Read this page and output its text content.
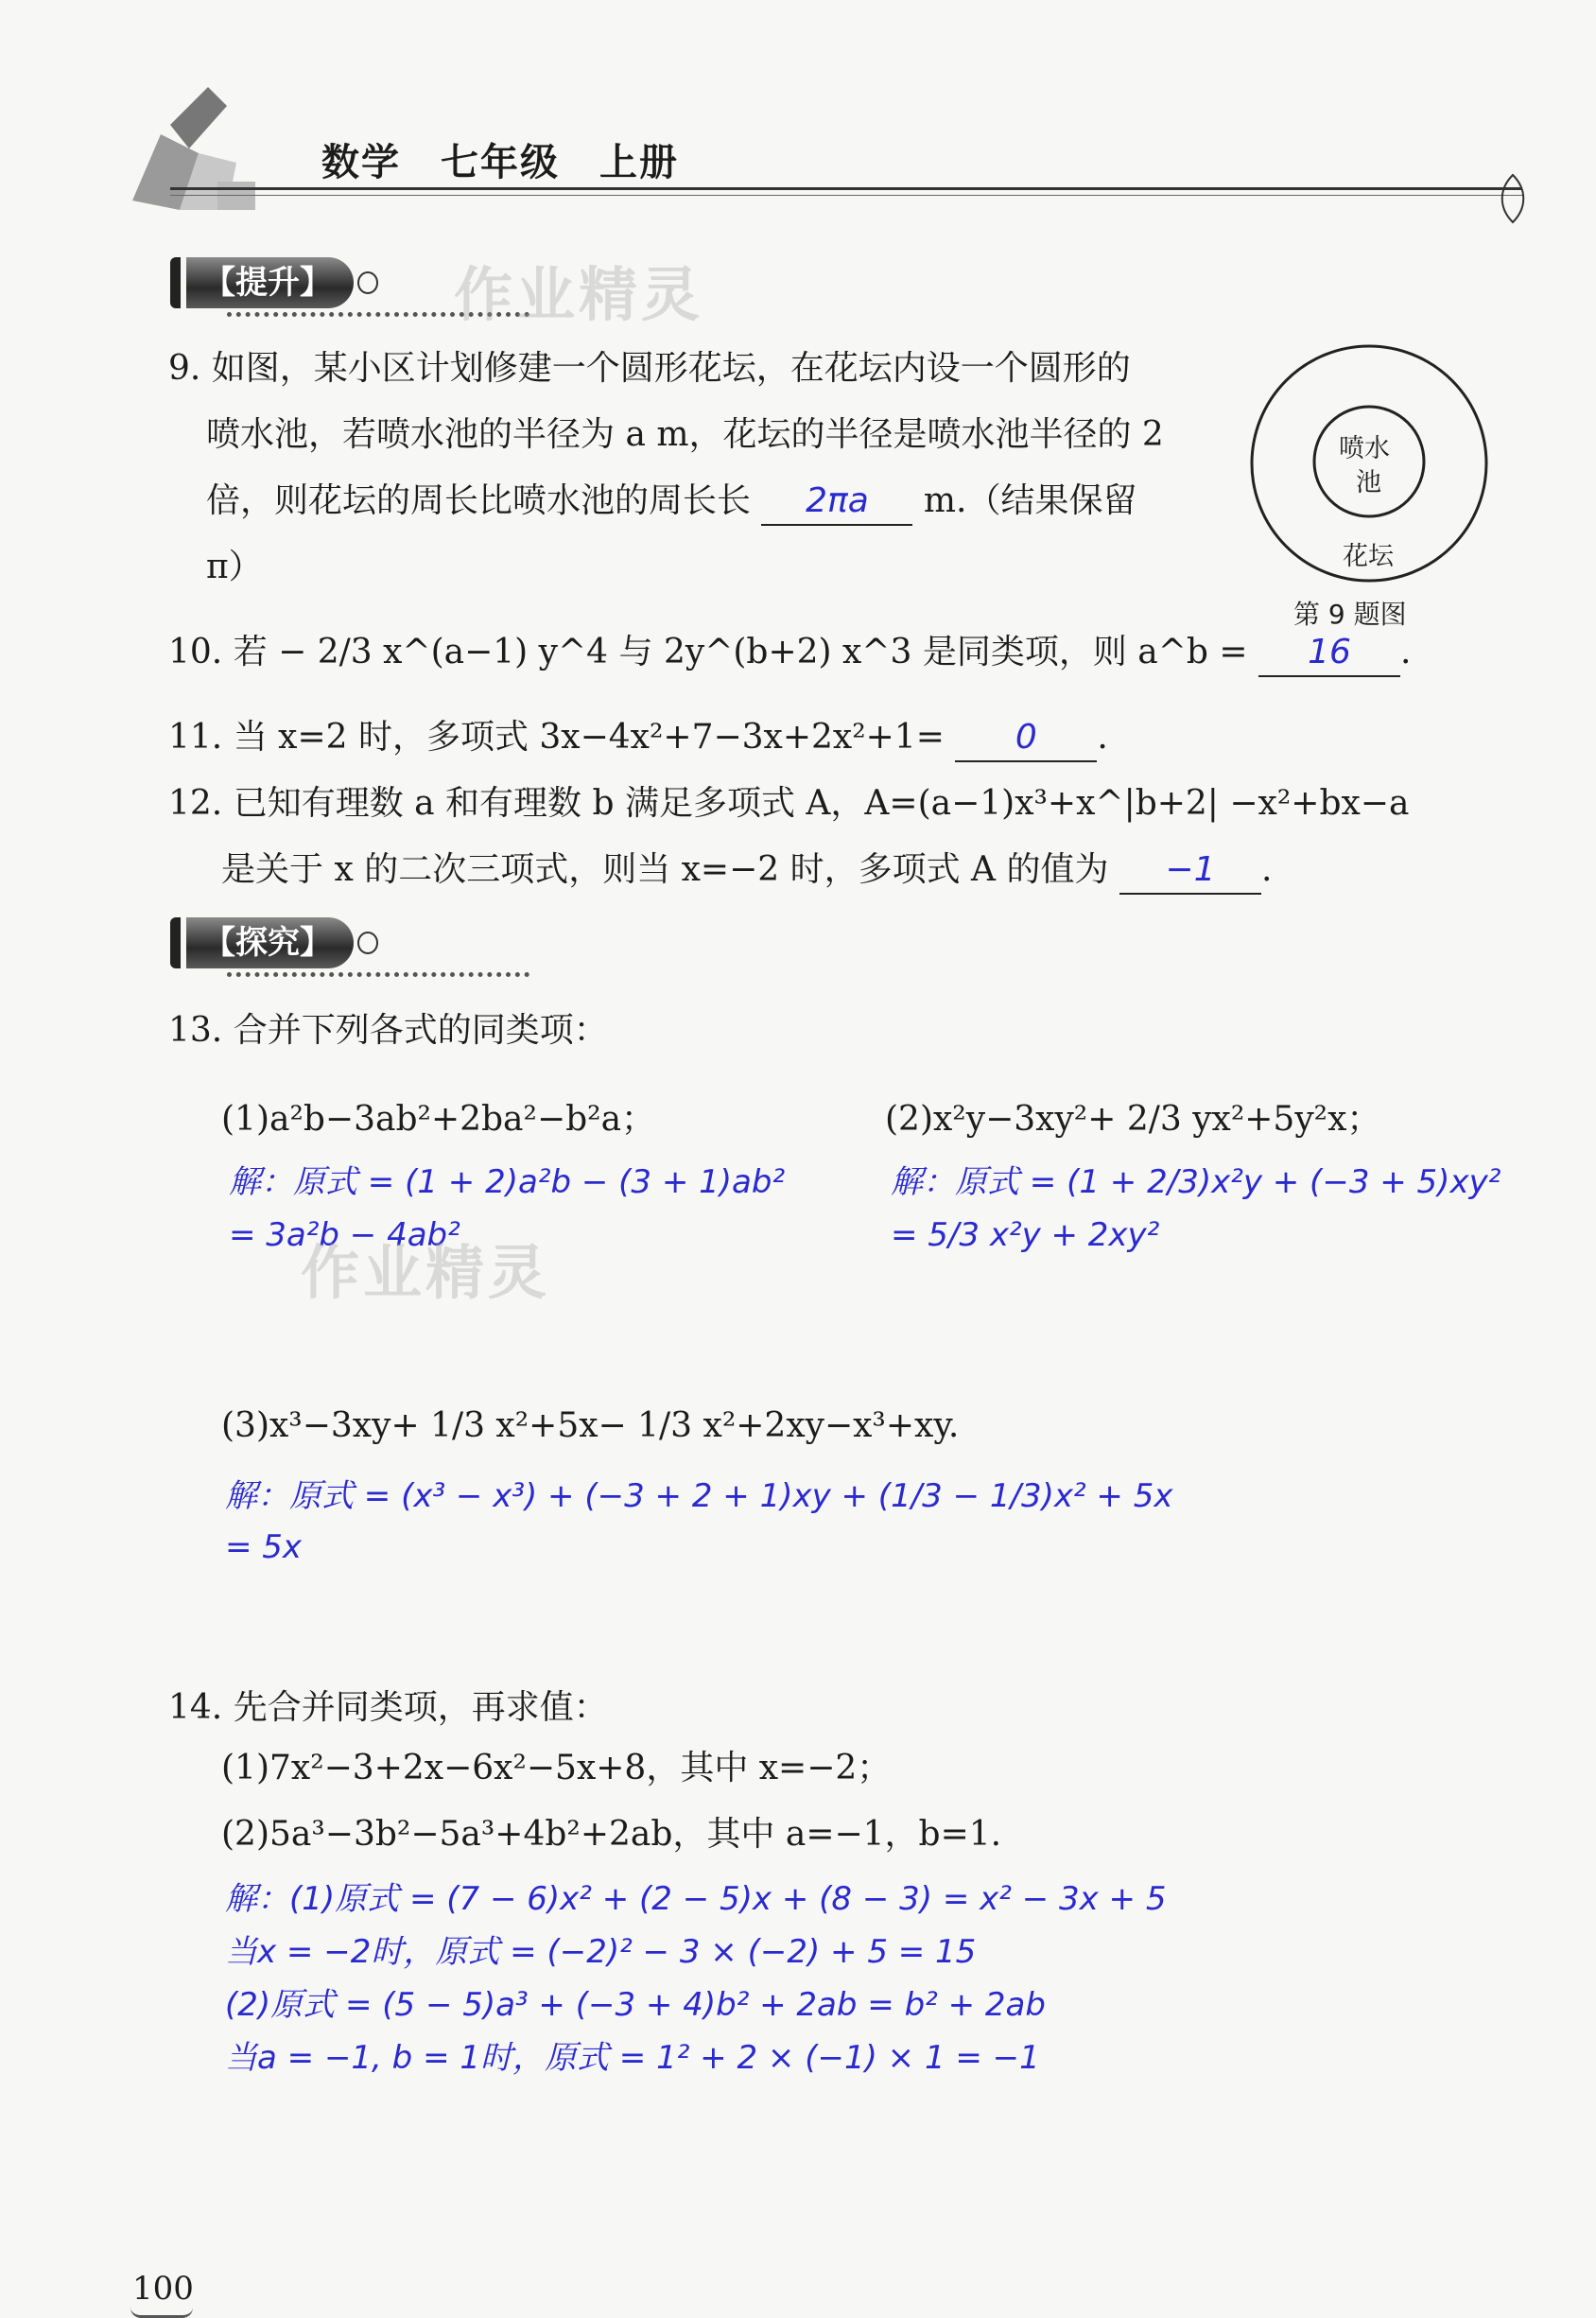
数学　七年级　上册
【提升】	作业精灵
9. 如图，某小区计划修建一个圆形花坛，在花坛内设一个圆形的
喷水池，若喷水池的半径为 a m，花坛的半径是喷水池半径的 2
倍，则花坛的周长比喷水池的周长长 2πa m.（结果保留
π）
喷水
池
花坛
第 9 题图
10. 若 − 2/3 x^(a−1) y^4 与 2y^(b+2) x^3 是同类项，则 a^b = 16 .
11. 当 x=2 时，多项式 3x−4x²+7−3x+2x²+1= 0 .
12. 已知有理数 a 和有理数 b 满足多项式 A，A=(a−1)x³+x^|b+2| −x²+bx−a
是关于 x 的二次三项式，则当 x=−2 时，多项式 A 的值为 −1 .
【探究】
13. 合并下列各式的同类项：
(1)a²b−3ab²+2ba²−b²a；
解：原式 = (1 + 2)a²b − (3 + 1)ab²
= 3a²b − 4ab²
作业精灵
(2)x²y−3xy²+ 2/3 yx²+5y²x；
解：原式 = (1 + 2/3)x²y + (−3 + 5)xy²
= 5/3 x²y + 2xy²
(3)x³−3xy+ 1/3 x²+5x− 1/3 x²+2xy−x³+xy.
解：原式 = (x³ − x³) + (−3 + 2 + 1)xy + (1/3 − 1/3)x² + 5x
= 5x
14. 先合并同类项，再求值：
(1)7x²−3+2x−6x²−5x+8，其中 x=−2；
(2)5a³−3b²−5a³+4b²+2ab，其中 a=−1，b=1.
解：(1)原式 = (7 − 6)x² + (2 − 5)x + (8 − 3) = x² − 3x + 5
当x = −2时，原式 = (−2)² − 3 × (−2) + 5 = 15
(2)原式 = (5 − 5)a³ + (−3 + 4)b² + 2ab = b² + 2ab
当a = −1, b = 1时，原式 = 1² + 2 × (−1) × 1 = −1
100
